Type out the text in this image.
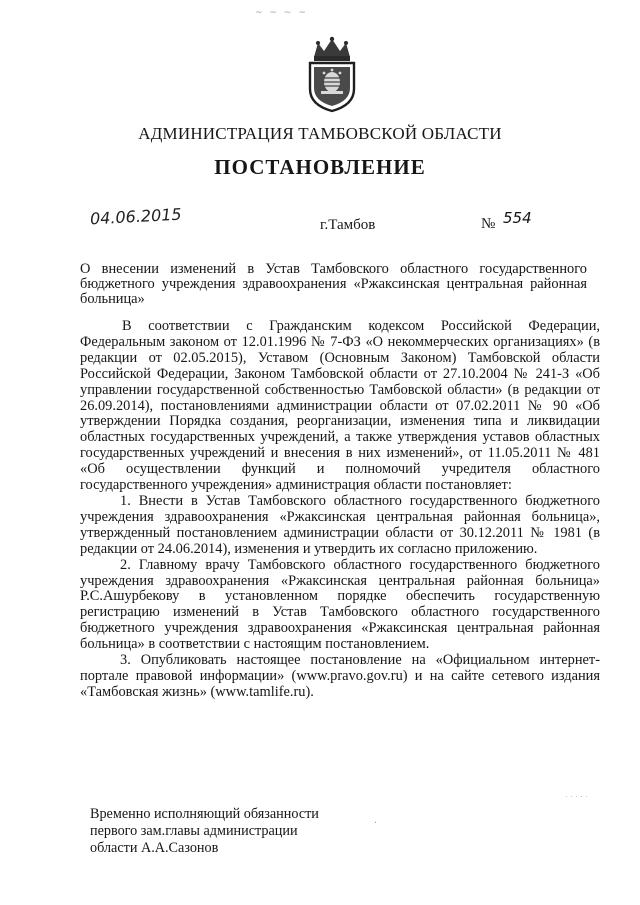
~ ~ ~ ~
. . . . .
·
АДМИНИСТРАЦИЯ ТАМБОВСКОЙ ОБЛАСТИ
ПОСТАНОВЛЕНИЕ
04.06.2015	г.Тамбов	№ 554
О внесении изменений в Устав Тамбовского областного государственного бюджетного учреждения здравоохранения «Ржаксинская центральная районная больница»

В соответствии с Гражданским кодексом Российской Федерации, Федеральным законом от 12.01.1996 № 7-ФЗ «О некоммерческих организациях» (в редакции от 02.05.2015), Уставом (Основным Законом) Тамбовской области Российской Федерации, Законом Тамбовской области от 27.10.2004 № 241-З «Об управлении государственной собственностью Тамбовской области» (в редакции от 26.09.2014), постановлениями администрации области от 07.02.2011 № 90 «Об утверждении Порядка создания, реорганизации, изменения типа и ликвидации областных государственных учреждений, а также утверждения уставов областных государственных учреждений и внесения в них изменений», от 11.05.2011 № 481 «Об осуществлении функций и полномочий учредителя областного государственного учреждения» администрация области постановляет:

1. Внести в Устав Тамбовского областного государственного бюджетного учреждения здравоохранения «Ржаксинская центральная районная больница», утвержденный постановлением администрации области от 30.12.2011 № 1981 (в редакции от 24.06.2014), изменения и утвердить их согласно приложению.

2. Главному врачу Тамбовского областного государственного бюджетного учреждения здравоохранения «Ржаксинская центральная районная больница» Р.С.Ашурбекову в установленном порядке обеспечить государственную регистрацию изменений в Устав Тамбовского областного государственного бюджетного учреждения здравоохранения «Ржаксинская центральная районная больница» в соответствии с настоящим постановлением.

3. Опубликовать настоящее постановление на «Официальном интернет-портале правовой информации» (www.pravo.gov.ru) и на сайте сетевого издания «Тамбовская жизнь» (www.tamlife.ru).

Временно исполняющий обязанности
первого зам.главы администрации
области А.А.Сазонов
